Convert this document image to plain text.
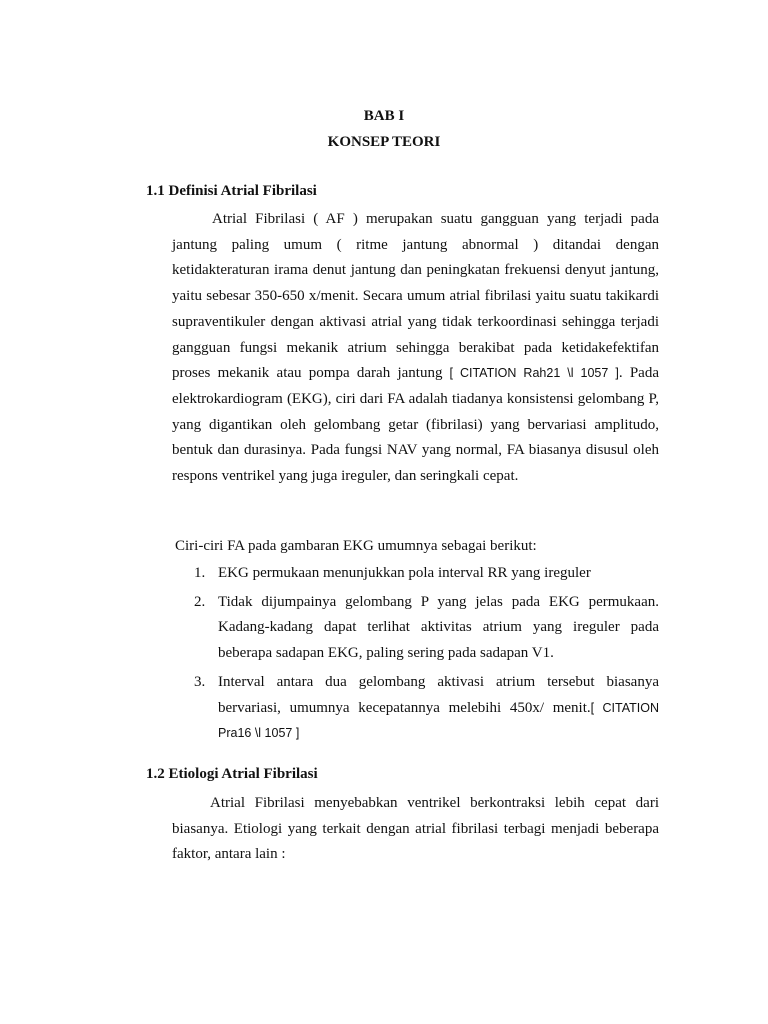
BAB I
KONSEP TEORI
1.1 Definisi Atrial Fibrilasi

Atrial Fibrilasi ( AF ) merupakan suatu gangguan yang terjadi pada jantung paling umum ( ritme jantung abnormal ) ditandai dengan ketidakteraturan irama denut jantung dan peningkatan frekuensi denyut jantung, yaitu sebesar 350-650 x/menit. Secara umum atrial fibrilasi yaitu suatu takikardi supraventikuler dengan aktivasi atrial yang tidak terkoordinasi sehingga terjadi gangguan fungsi mekanik atrium sehingga berakibat pada ketidakefektifan proses mekanik atau pompa darah jantung [ CITATION Rah21 \l 1057 ]. Pada elektrokardiogram (EKG), ciri dari FA adalah tiadanya konsistensi gelombang P, yang digantikan oleh gelombang getar (fibrilasi) yang bervariasi amplitudo, bentuk dan durasinya. Pada fungsi NAV yang normal, FA biasanya disusul oleh respons ventrikel yang juga ireguler, dan seringkali cepat.

Ciri-ciri FA pada gambaran EKG umumnya sebagai berikut:

1. EKG permukaan menunjukkan pola interval RR yang ireguler
2. Tidak dijumpainya gelombang P yang jelas pada EKG permukaan. Kadang-kadang dapat terlihat aktivitas atrium yang ireguler pada beberapa sadapan EKG, paling sering pada sadapan V1.
3. Interval antara dua gelombang aktivasi atrium tersebut biasanya bervariasi, umumnya kecepatannya melebihi 450x/ menit.[ CITATION Pra16 \l 1057 ]
1.2 Etiologi Atrial Fibrilasi

Atrial Fibrilasi menyebabkan ventrikel berkontraksi lebih cepat dari biasanya. Etiologi yang terkait dengan atrial fibrilasi terbagi menjadi beberapa faktor, antara lain :
